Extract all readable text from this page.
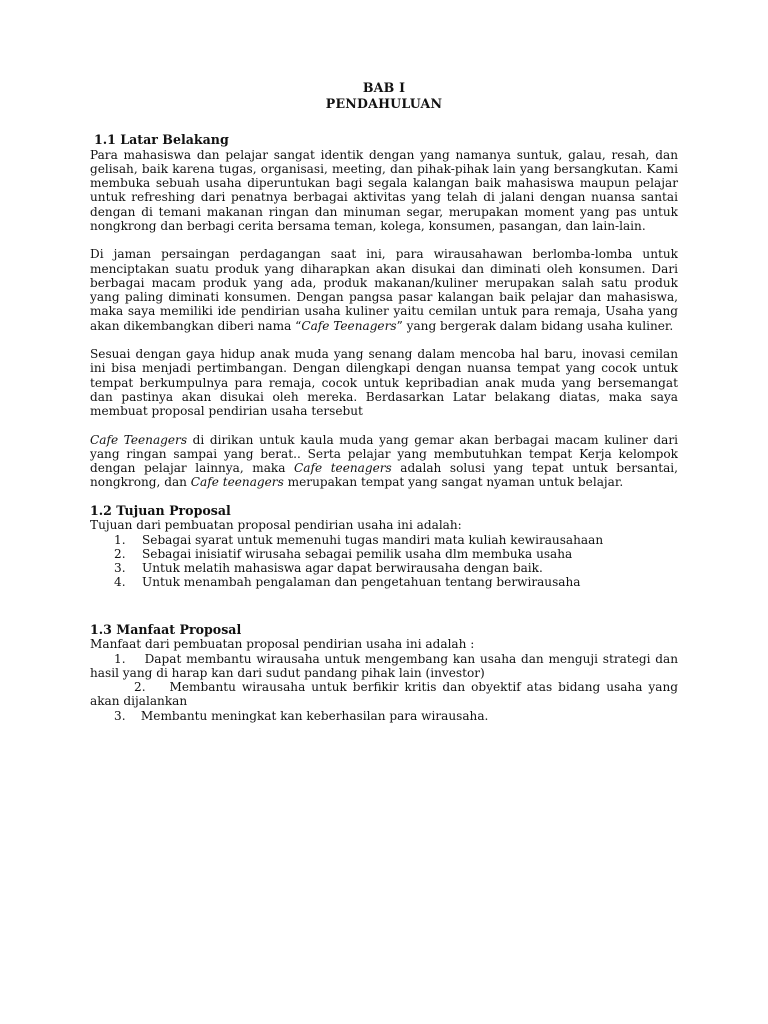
BAB I
PENDAHULUAN
1.1 Latar Belakang

Para mahasiswa dan pelajar sangat identik dengan yang namanya suntuk, galau, resah, dan gelisah, baik karena tugas, organisasi, meeting, dan pihak-pihak lain yang bersangkutan. Kami membuka sebuah usaha diperuntukan bagi segala kalangan baik mahasiswa maupun pelajar untuk refreshing dari penatnya berbagai aktivitas yang telah di jalani dengan nuansa santai dengan di temani makanan ringan dan minuman segar, merupakan moment yang pas untuk nongkrong dan berbagi cerita bersama teman, kolega, konsumen, pasangan, dan lain-lain.

Di jaman persaingan perdagangan saat ini, para wirausahawan berlomba-lomba untuk menciptakan suatu produk yang diharapkan akan disukai dan diminati oleh konsumen. Dari berbagai macam produk yang ada, produk makanan/kuliner merupakan salah satu produk yang paling diminati konsumen. Dengan pangsa pasar kalangan baik pelajar dan mahasiswa, maka saya memiliki ide pendirian usaha kuliner yaitu cemilan untuk para remaja, Usaha yang akan dikembangkan diberi nama “Cafe Teenagers” yang bergerak dalam bidang usaha kuliner.

Sesuai dengan gaya hidup anak muda yang senang dalam mencoba hal baru, inovasi cemilan ini bisa menjadi pertimbangan. Dengan dilengkapi dengan nuansa tempat yang cocok untuk tempat berkumpulnya para remaja, cocok untuk kepribadian anak muda yang bersemangat dan pastinya akan disukai oleh mereka. Berdasarkan Latar belakang diatas, maka saya membuat proposal pendirian usaha tersebut

Cafe Teenagers di dirikan untuk kaula muda yang gemar akan berbagai macam kuliner dari yang ringan sampai yang berat.. Serta pelajar yang membutuhkan tempat Kerja kelompok dengan pelajar lainnya, maka Cafe teenagers adalah solusi yang tepat untuk bersantai, nongkrong, dan Cafe teenagers merupakan tempat yang sangat nyaman untuk belajar.

1.2 Tujuan Proposal
Tujuan dari pembuatan proposal pendirian usaha ini adalah:
1.	Sebagai syarat untuk memenuhi tugas mandiri mata kuliah kewirausahaan
2.	Sebagai inisiatif wirusaha sebagai pemilik usaha dlm membuka usaha
3.	Untuk melatih mahasiswa agar dapat berwirausaha dengan baik.
4.	Untuk menambah pengalaman dan pengetahuan tentang berwirausaha
1.3 Manfaat Proposal
Manfaat dari pembuatan proposal pendirian usaha ini adalah :

1.    Dapat membantu wirausaha untuk mengembang kan usaha dan menguji strategi dan hasil yang di harap kan dari sudut pandang pihak lain (investor)

2.    Membantu wirausaha untuk berfikir kritis dan obyektif atas bidang usaha yang akan dijalankan

3.    Membantu meningkat kan keberhasilan para wirausaha.
